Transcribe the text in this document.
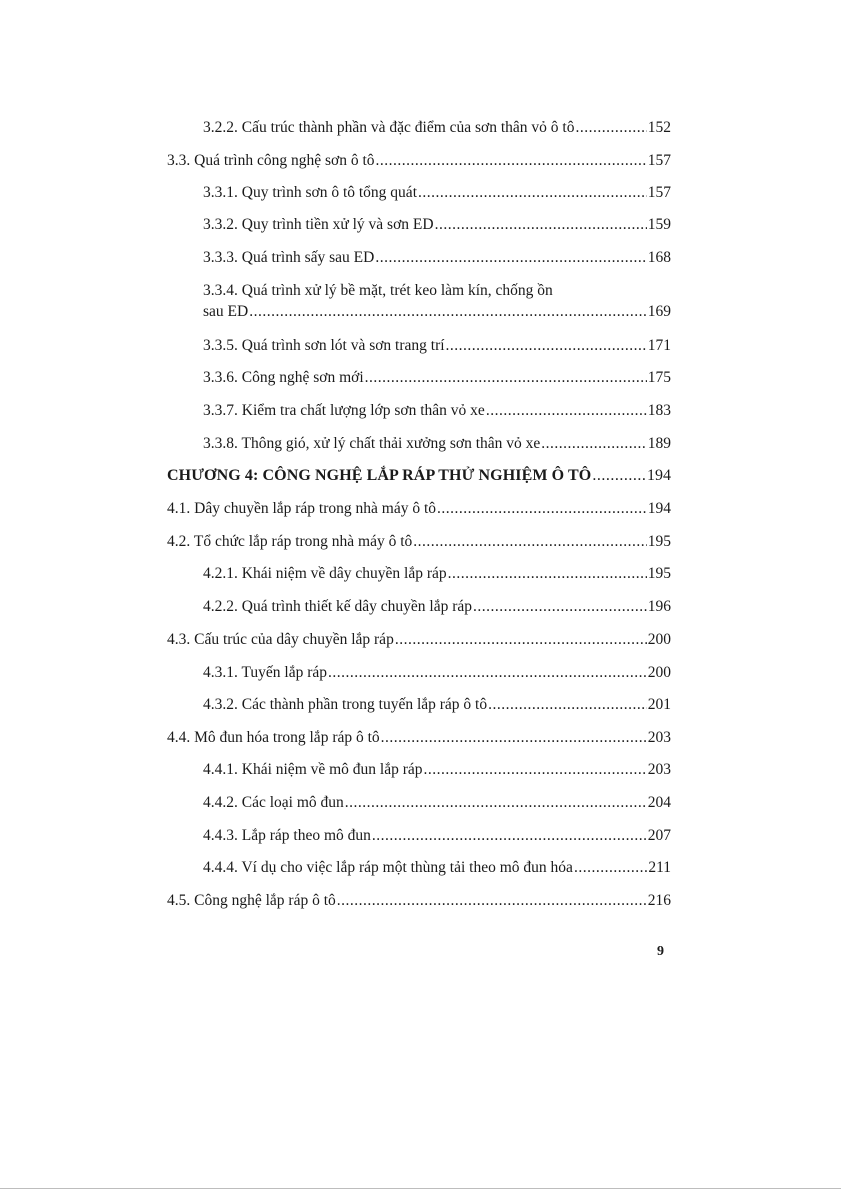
3.2.2. Cấu trúc thành phần và đặc điểm của sơn thân vỏ ô tô .....	152
3.3. Quá trình công nghệ sơn ô tô .....	157
3.3.1. Quy trình sơn ô tô tổng quát .....	157
3.3.2. Quy trình tiền xử lý và sơn ED .....	159
3.3.3. Quá trình sấy sau ED .....	168
3.3.4. Quá trình xử lý bề mặt, trét keo làm kín, chống ồn
sau ED .....	169
3.3.5. Quá trình sơn lót và sơn trang trí .....	171
3.3.6. Công nghệ sơn mới .....	175
3.3.7. Kiểm tra chất lượng lớp sơn thân vỏ xe .....	183
3.3.8. Thông gió, xử lý chất thải xưởng sơn thân vỏ xe .....	189
CHƯƠNG 4: CÔNG NGHỆ LẮP RÁP THỬ NGHIỆM Ô TÔ .....	194
4.1. Dây chuyền lắp ráp trong nhà máy ô tô .....	194
4.2. Tổ chức lắp ráp trong nhà máy ô tô .....	195
4.2.1. Khái niệm về dây chuyền lắp ráp .....	195
4.2.2. Quá trình thiết kế dây chuyền lắp ráp .....	196
4.3. Cấu trúc của dây chuyền lắp ráp .....	200
4.3.1. Tuyến lắp ráp .....	200
4.3.2. Các thành phần trong tuyến lắp ráp ô tô .....	201
4.4. Mô đun hóa trong lắp ráp ô tô .....	203
4.4.1. Khái niệm về mô đun lắp ráp .....	203
4.4.2. Các loại mô đun .....	204
4.4.3. Lắp ráp theo mô đun .....	207
4.4.4. Ví dụ cho việc lắp ráp một thùng tải theo mô đun hóa .....	211
4.5. Công nghệ lắp ráp ô tô .....	216
9
